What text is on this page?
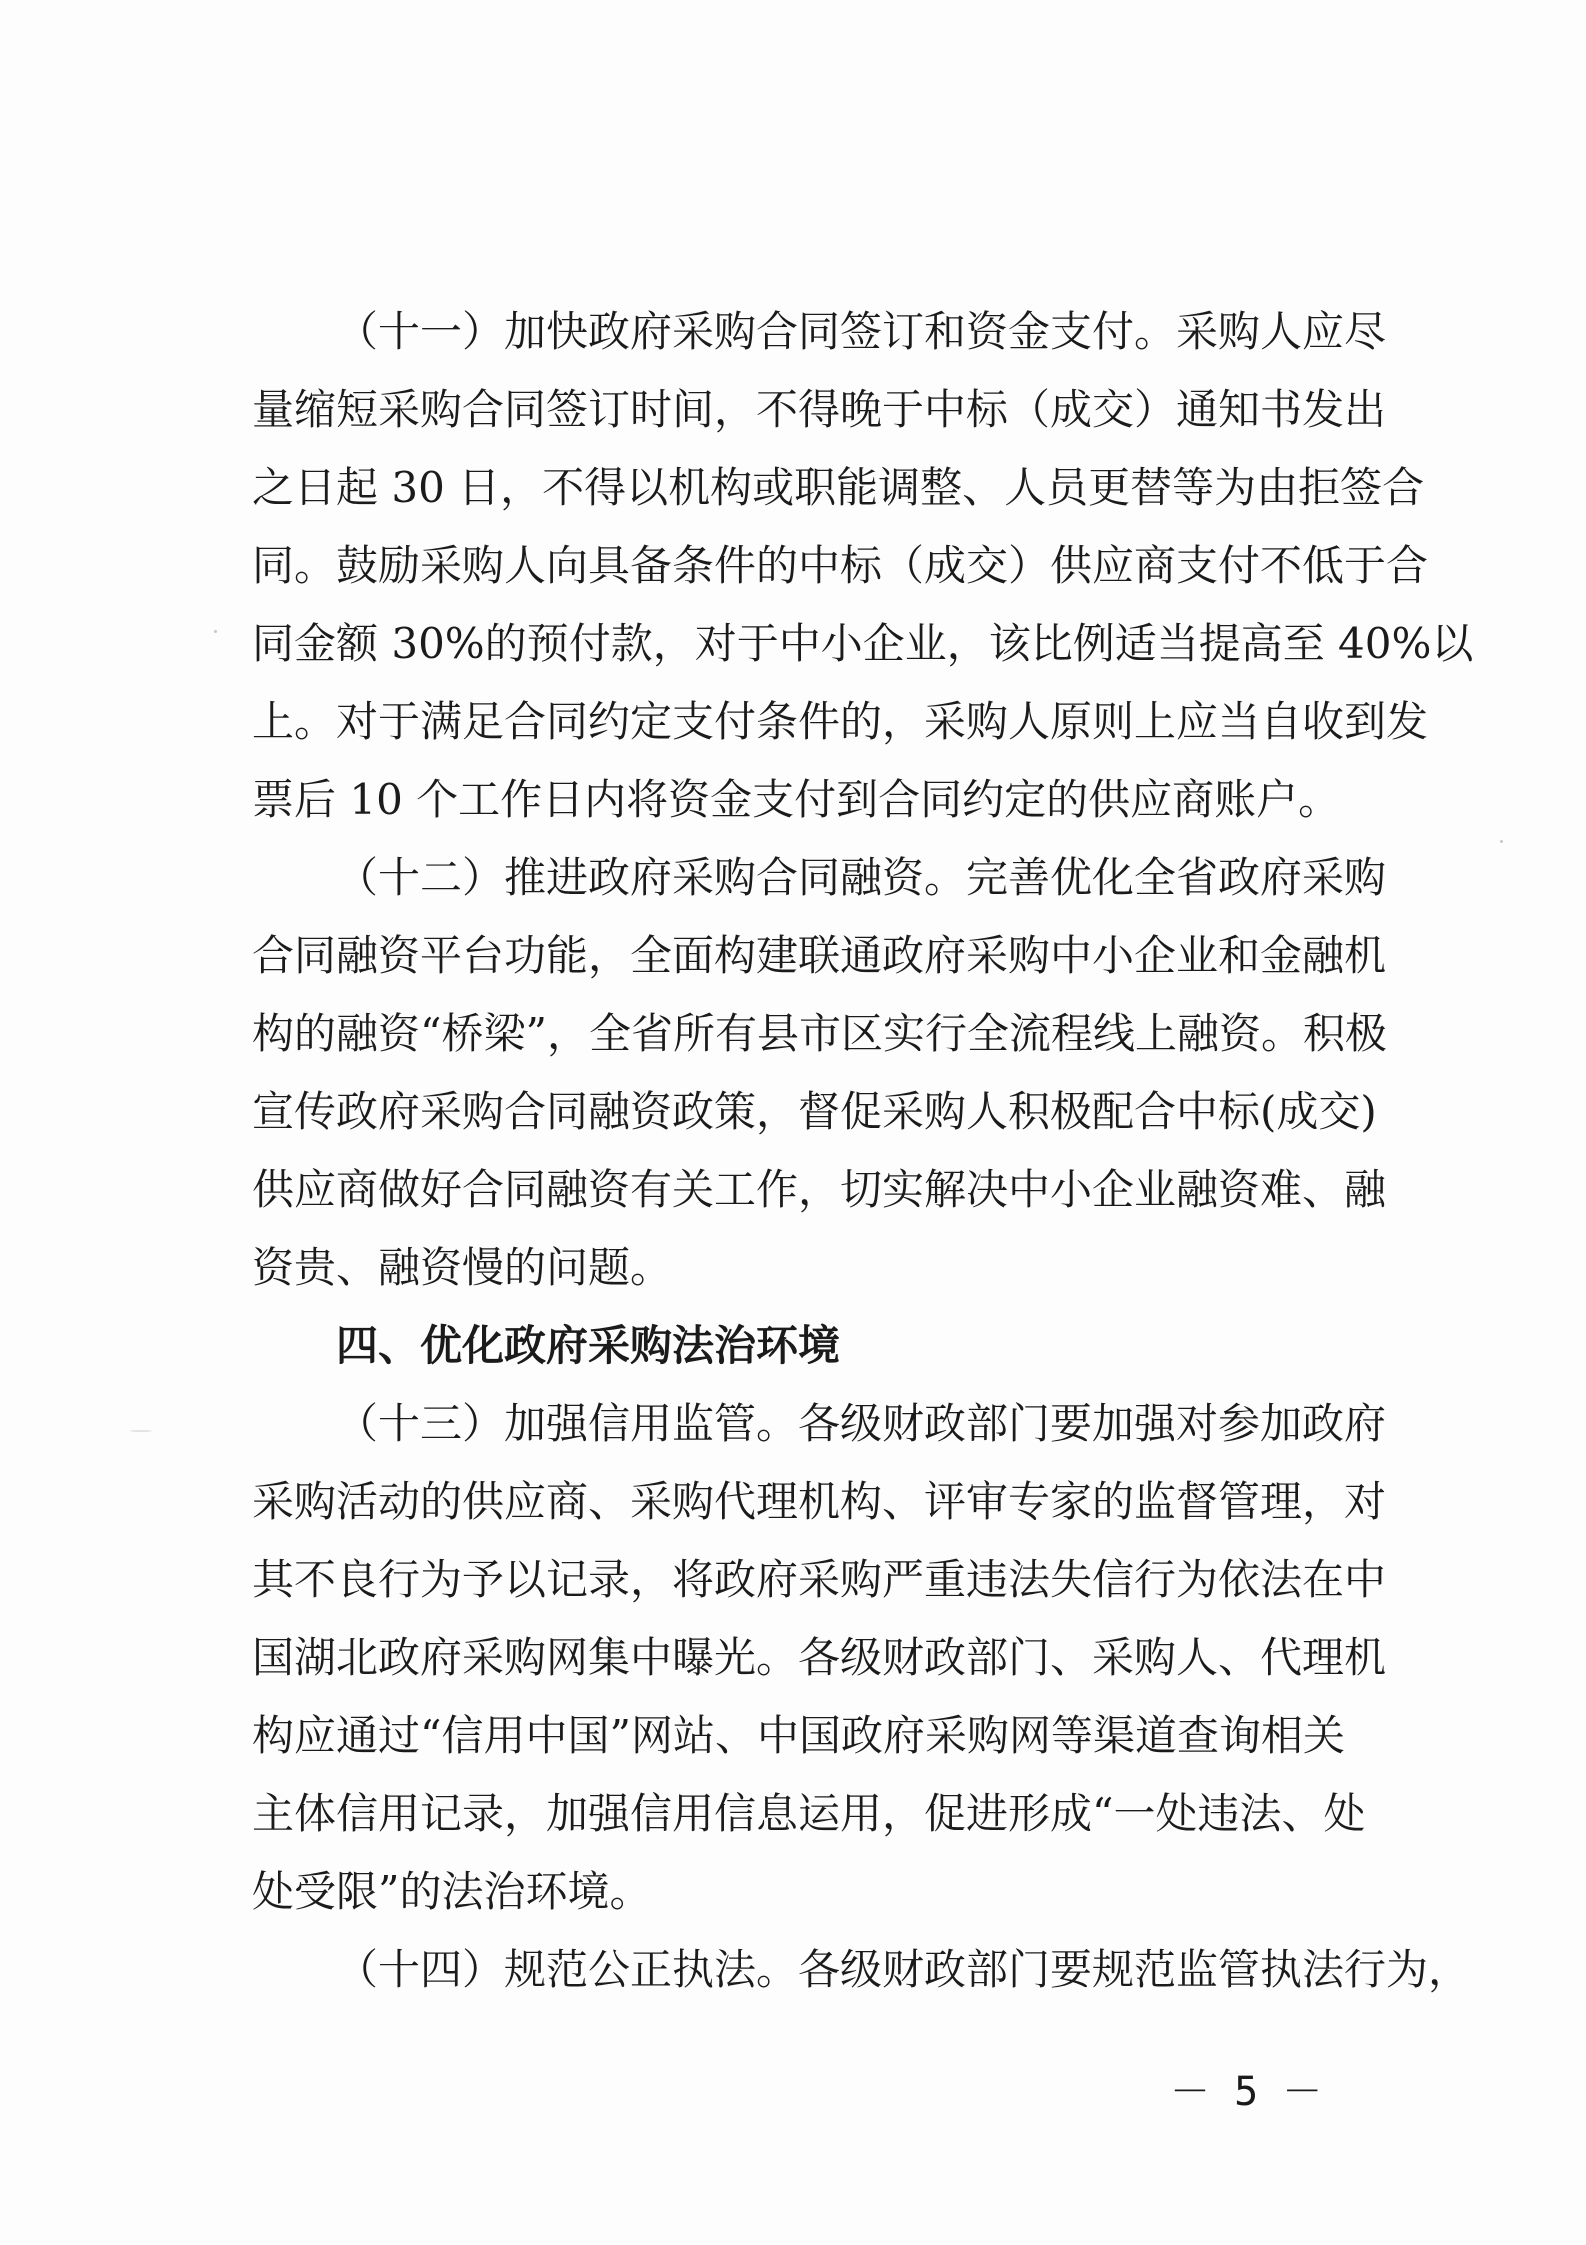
（十一）加快政府采购合同签订和资金支付。采购人应尽
量缩短采购合同签订时间，不得晚于中标（成交）通知书发出
之日起 30 日，不得以机构或职能调整、人员更替等为由拒签合
同。鼓励采购人向具备条件的中标（成交）供应商支付不低于合
同金额 30%的预付款，对于中小企业，该比例适当提高至 40%以
上。对于满足合同约定支付条件的，采购人原则上应当自收到发
票后 10 个工作日内将资金支付到合同约定的供应商账户。
（十二）推进政府采购合同融资。完善优化全省政府采购
合同融资平台功能，全面构建联通政府采购中小企业和金融机
构的融资“桥梁”，全省所有县市区实行全流程线上融资。积极
宣传政府采购合同融资政策，督促采购人积极配合中标(成交)
供应商做好合同融资有关工作，切实解决中小企业融资难、融
资贵、融资慢的问题。
四、优化政府采购法治环境
（十三）加强信用监管。各级财政部门要加强对参加政府
采购活动的供应商、采购代理机构、评审专家的监督管理，对
其不良行为予以记录，将政府采购严重违法失信行为依法在中
国湖北政府采购网集中曝光。各级财政部门、采购人、代理机
构应通过“信用中国”网站、中国政府采购网等渠道查询相关
主体信用记录，加强信用信息运用，促进形成“一处违法、处
处受限”的法治环境。
（十四）规范公正执法。各级财政部门要规范监管执法行为，
－ 5 －
